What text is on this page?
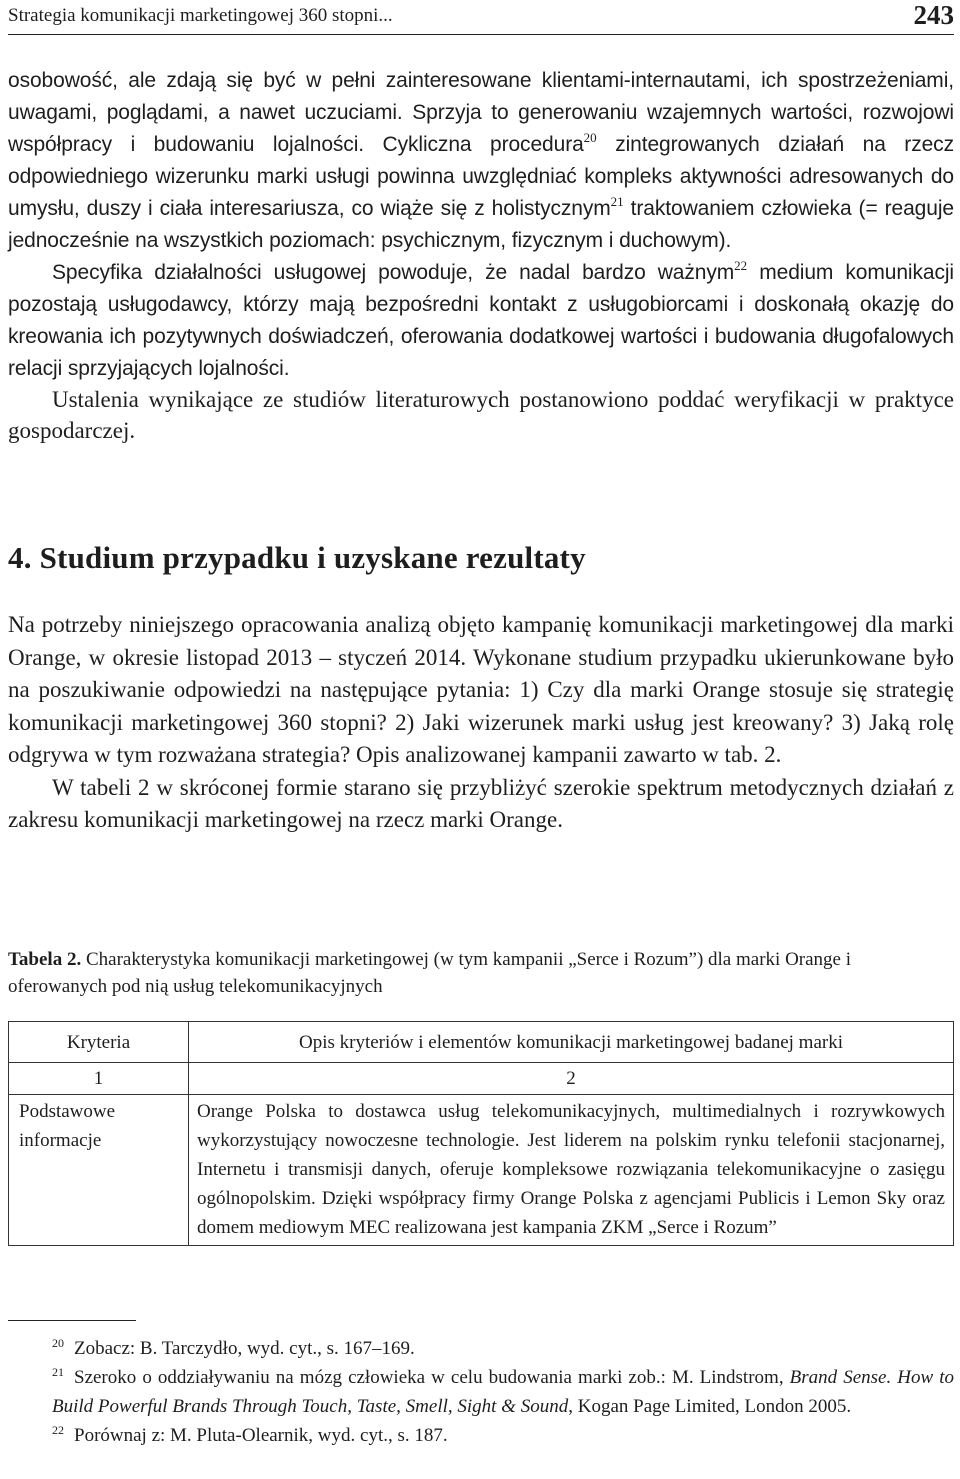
Strategia komunikacji marketingowej 360 stopni...	243

osobowość, ale zdają się być w pełni zainteresowane klientami-internautami, ich spostrzeżeniami, uwagami, poglądami, a nawet uczuciami. Sprzyja to generowaniu wzajemnych wartości, rozwojowi współpracy i budowaniu lojalności. Cykliczna procedura$^{20}$ zintegrowanych działań na rzecz odpowiedniego wizerunku marki usługi powinna uwzględniać kompleks aktywności adresowanych do umysłu, duszy i ciała interesariusza, co wiąże się z holistycznym$^{21}$ traktowaniem człowieka (= reaguje jednocześnie na wszystkich poziomach: psychicznym, fizycznym i duchowym).

Specyfika działalności usługowej powoduje, że nadal bardzo ważnym$^{22}$ medium komunikacji pozostają usługodawcy, którzy mają bezpośredni kontakt z usługobiorcami i doskonałą okazję do kreowania ich pozytywnych doświadczeń, oferowania dodatkowej wartości i budowania długofalowych relacji sprzyjających lojalności.

Ustalenia wynikające ze studiów literaturowych postanowiono poddać weryfikacji w praktyce gospodarczej.

4. Studium przypadku i uzyskane rezultaty

Na potrzeby niniejszego opracowania analizą objęto kampanię komunikacji marketingowej dla marki Orange, w okresie listopad 2013 – styczeń 2014. Wykonane studium przypadku ukierunkowane było na poszukiwanie odpowiedzi na następujące pytania: 1) Czy dla marki Orange stosuje się strategię komunikacji marketingowej 360 stopni? 2) Jaki wizerunek marki usług jest kreowany? 3) Jaką rolę odgrywa w tym rozważana strategia? Opis analizowanej kampanii zawarto w tab. 2.

W tabeli 2 w skróconej formie starano się przybliżyć szerokie spektrum metodycznych działań z zakresu komunikacji marketingowej na rzecz marki Orange.

Tabela 2. Charakterystyka komunikacji marketingowej (w tym kampanii „Serce i Rozum”) dla marki Orange i oferowanych pod nią usług telekomunikacyjnych
Kryteria	Opis kryteriów i elementów komunikacji marketingowej badanej marki
1	2
Podstawowe informacje	Orange Polska to dostawca usług telekomunikacyjnych, multimedialnych i rozrywkowych wykorzystujący nowoczesne technologie. Jest liderem na polskim rynku telefonii stacjonarnej, Internetu i transmisji danych, oferuje kompleksowe rozwiązania telekomunikacyjne o zasięgu ogólnopolskim. Dzięki współpracy firmy Orange Polska z agencjami Publicis i Lemon Sky oraz domem mediowym MEC realizowana jest kampania ZKM „Serce i Rozum”

$^{20}$ Zobacz: B. Tarczydło, wyd. cyt., s. 167–169.

$^{21}$ Szeroko o oddziaływaniu na mózg człowieka w celu budowania marki zob.: M. Lindstrom, Brand Sense. How to Build Powerful Brands Through Touch, Taste, Smell, Sight & Sound, Kogan Page Limited, London 2005.

$^{22}$ Porównaj z: M. Pluta-Olearnik, wyd. cyt., s. 187.
